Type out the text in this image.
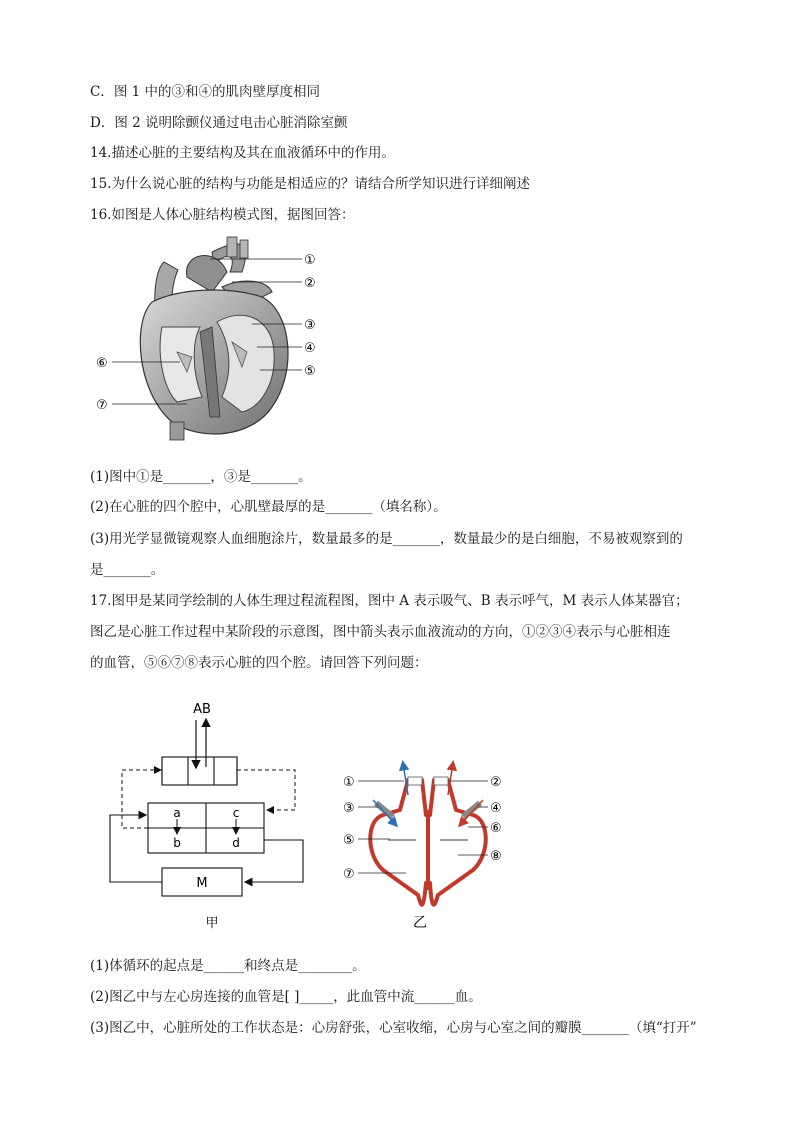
C．图 1 中的③和④的肌肉壁厚度相同
D．图 2 说明除颤仪通过电击心脏消除室颤
14.描述心脏的主要结构及其在血液循环中的作用。
15.为什么说心脏的结构与功能是相适应的？请结合所学知识进行详细阐述
16.如图是人体心脏结构模式图，据图回答：
①
②
③
④
⑤
⑥
⑦
(1)图中①是_______，③是_______。
(2)在心脏的四个腔中，心肌壁最厚的是_______（填名称）。
(3)用光学显微镜观察人血细胞涂片，数量最多的是_______，数量最少的是白细胞，不易被观察到的
是_______。
17.图甲是某同学绘制的人体生理过程流程图，图中 A 表示吸气、B 表示呼气，M 表示人体某器官；
图乙是心脏工作过程中某阶段的示意图，图中箭头表示血液流动的方向，①②③④表示与心脏相连
的血管，⑤⑥⑦⑧表示心脏的四个腔。请回答下列问题：
AB
a	c
b	d
M
甲
①	②
③	④
⑤
⑥
⑦
⑧
乙
(1)体循环的起点是______和终点是________。
(2)图乙中与左心房连接的血管是[ ]_____，此血管中流______血。
(3)图乙中，心脏所处的工作状态是：心房舒张，心室收缩，心房与心室之间的瓣膜_______（填“打开”
